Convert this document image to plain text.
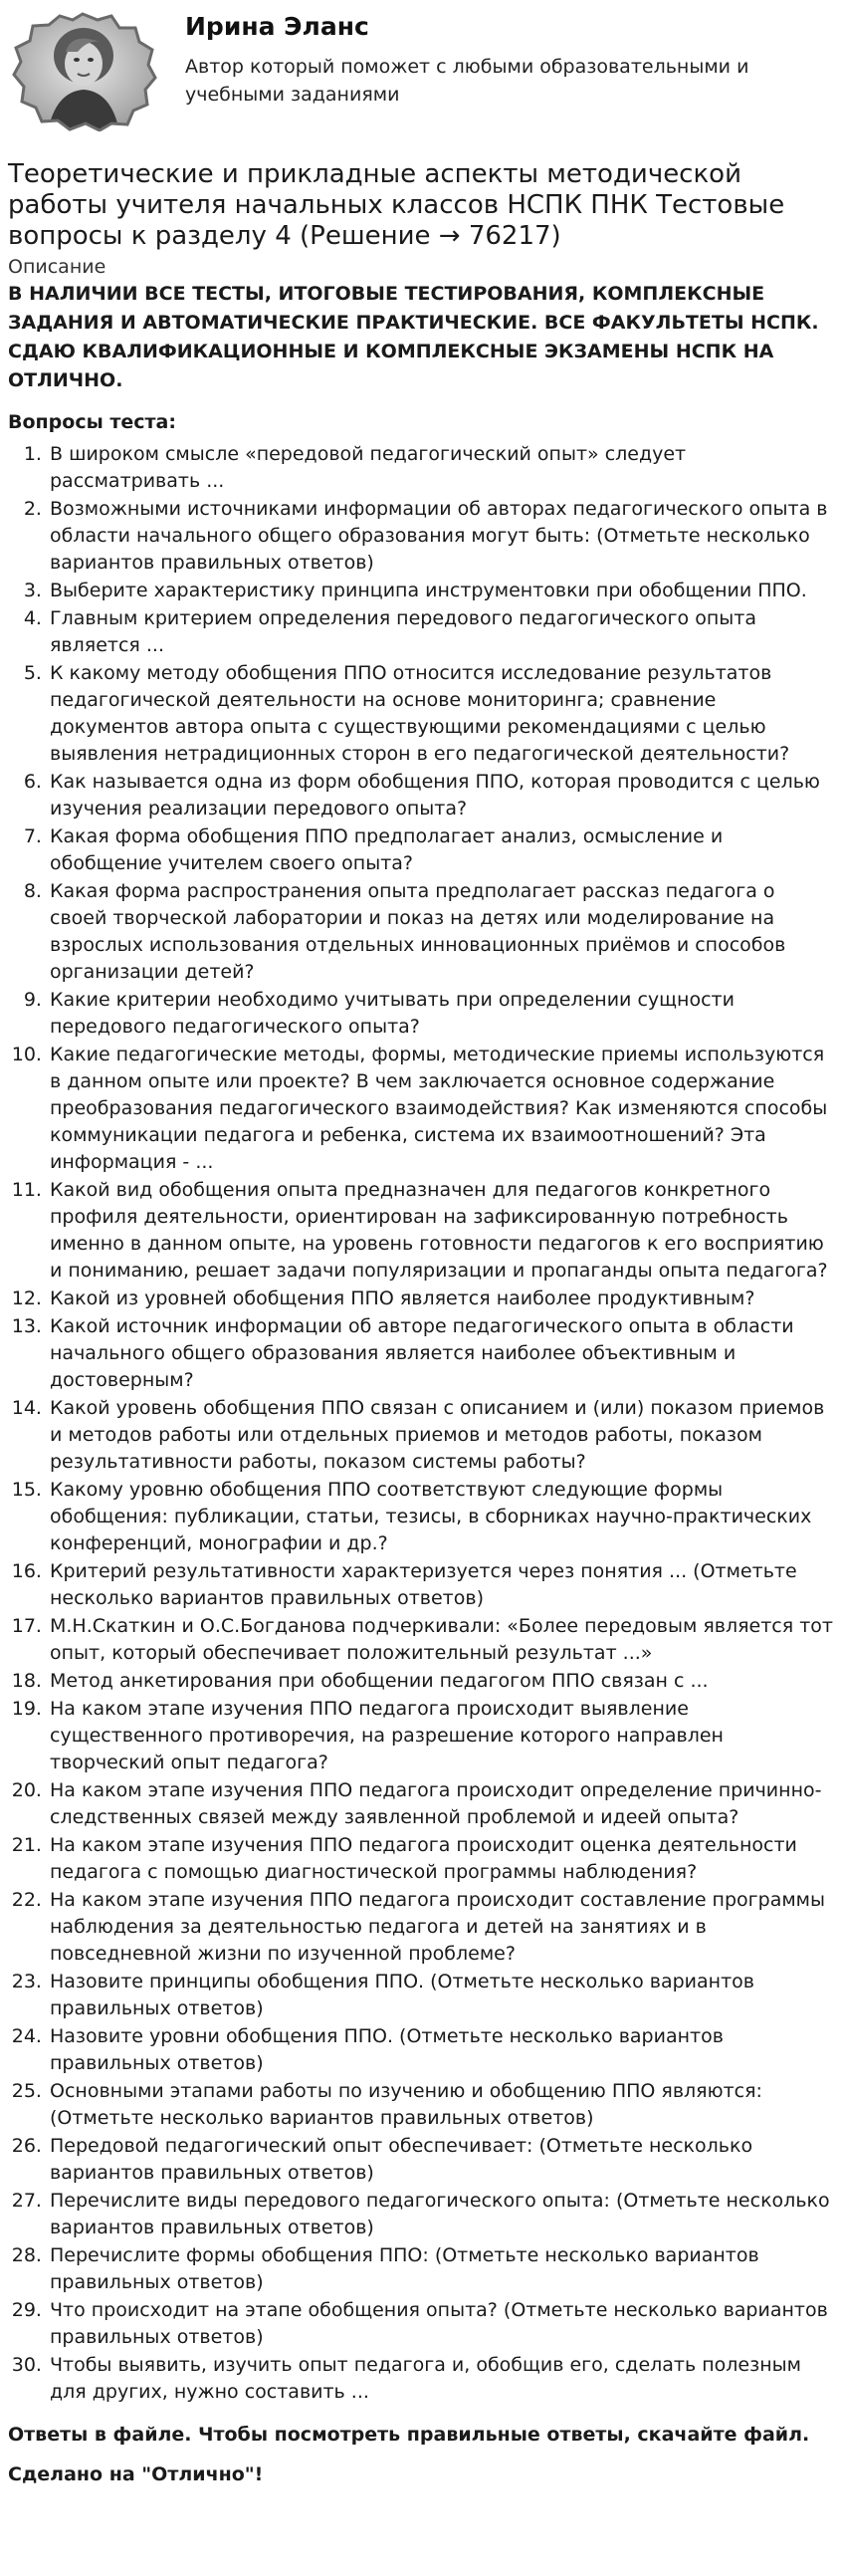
Ирина Эланс
Автор который поможет с любыми образовательными и учебными заданиями
Теоретические и прикладные аспекты методической работы учителя начальных классов НСПК ПНК Тестовые вопросы к разделу 4 (Решение → 76217)
Описание
В НАЛИЧИИ ВСЕ ТЕСТЫ, ИТОГОВЫЕ ТЕСТИРОВАНИЯ, КОМПЛЕКСНЫЕ ЗАДАНИЯ И АВТОМАТИЧЕСКИЕ ПРАКТИЧЕСКИЕ. ВСЕ ФАКУЛЬТЕТЫ НСПК. СДАЮ КВАЛИФИКАЦИОННЫЕ И КОМПЛЕКСНЫЕ ЭКЗАМЕНЫ НСПК НА ОТЛИЧНО.
Вопросы теста:
1. В широком смысле «передовой педагогический опыт» следует рассматривать ...
2. Возможными источниками информации об авторах педагогического опыта в области начального общего образования могут быть: (Отметьте несколько вариантов правильных ответов)
3. Выберите характеристику принципа инструментовки при обобщении ППО.
4. Главным критерием определения передового педагогического опыта является ...
5. К какому методу обобщения ППО относится исследование результатов педагогической деятельности на основе мониторинга; сравнение документов автора опыта с существующими рекомендациями с целью выявления нетрадиционных сторон в его педагогической деятельности?
6. Как называется одна из форм обобщения ППО, которая проводится с целью изучения реализации передового опыта?
7. Какая форма обобщения ППО предполагает анализ, осмысление и обобщение учителем своего опыта?
8. Какая форма распространения опыта предполагает рассказ педагога о своей творческой лаборатории и показ на детях или моделирование на взрослых использования отдельных инновационных приёмов и способов организации детей?
9. Какие критерии необходимо учитывать при определении сущности передового педагогического опыта?
10. Какие педагогические методы, формы, методические приемы используются в данном опыте или проекте? В чем заключается основное содержание преобразования педагогического взаимодействия? Как изменяются способы коммуникации педагога и ребенка, система их взаимоотношений? Эта информация - ...
11. Какой вид обобщения опыта предназначен для педагогов конкретного профиля деятельности, ориентирован на зафиксированную потребность именно в данном опыте, на уровень готовности педагогов к его восприятию и пониманию, решает задачи популяризации и пропаганды опыта педагога?
12. Какой из уровней обобщения ППО является наиболее продуктивным?
13. Какой источник информации об авторе педагогического опыта в области начального общего образования является наиболее объективным и достоверным?
14. Какой уровень обобщения ППО связан с описанием и (или) показом приемов и методов работы или отдельных приемов и методов работы, показом результативности работы, показом системы работы?
15. Какому уровню обобщения ППО соответствуют следующие формы обобщения: публикации, статьи, тезисы, в сборниках научно-практических конференций, монографии и др.?
16. Критерий результативности характеризуется через понятия ... (Отметьте несколько вариантов правильных ответов)
17. М.Н.Скаткин и О.С.Богданова подчеркивали: «Более передовым является тот опыт, который обеспечивает положительный результат ...»
18. Метод анкетирования при обобщении педагогом ППО связан с ...
19. На каком этапе изучения ППО педагога происходит выявление существенного противоречия, на разрешение которого направлен творческий опыт педагога?
20. На каком этапе изучения ППО педагога происходит определение причинно-следственных связей между заявленной проблемой и идеей опыта?
21. На каком этапе изучения ППО педагога происходит оценка деятельности педагога с помощью диагностической программы наблюдения?
22. На каком этапе изучения ППО педагога происходит составление программы наблюдения за деятельностью педагога и детей на занятиях и в повседневной жизни по изученной проблеме?
23. Назовите принципы обобщения ППО. (Отметьте несколько вариантов правильных ответов)
24. Назовите уровни обобщения ППО. (Отметьте несколько вариантов правильных ответов)
25. Основными этапами работы по изучению и обобщению ППО являются: (Отметьте несколько вариантов правильных ответов)
26. Передовой педагогический опыт обеспечивает: (Отметьте несколько вариантов правильных ответов)
27. Перечислите виды передового педагогического опыта: (Отметьте несколько вариантов правильных ответов)
28. Перечислите формы обобщения ППО: (Отметьте несколько вариантов правильных ответов)
29. Что происходит на этапе обобщения опыта? (Отметьте несколько вариантов правильных ответов)
30. Чтобы выявить, изучить опыт педагога и, обобщив его, сделать полезным для других, нужно составить ...
Ответы в файле. Чтобы посмотреть правильные ответы, скачайте файл.
Сделано на "Отлично"!
